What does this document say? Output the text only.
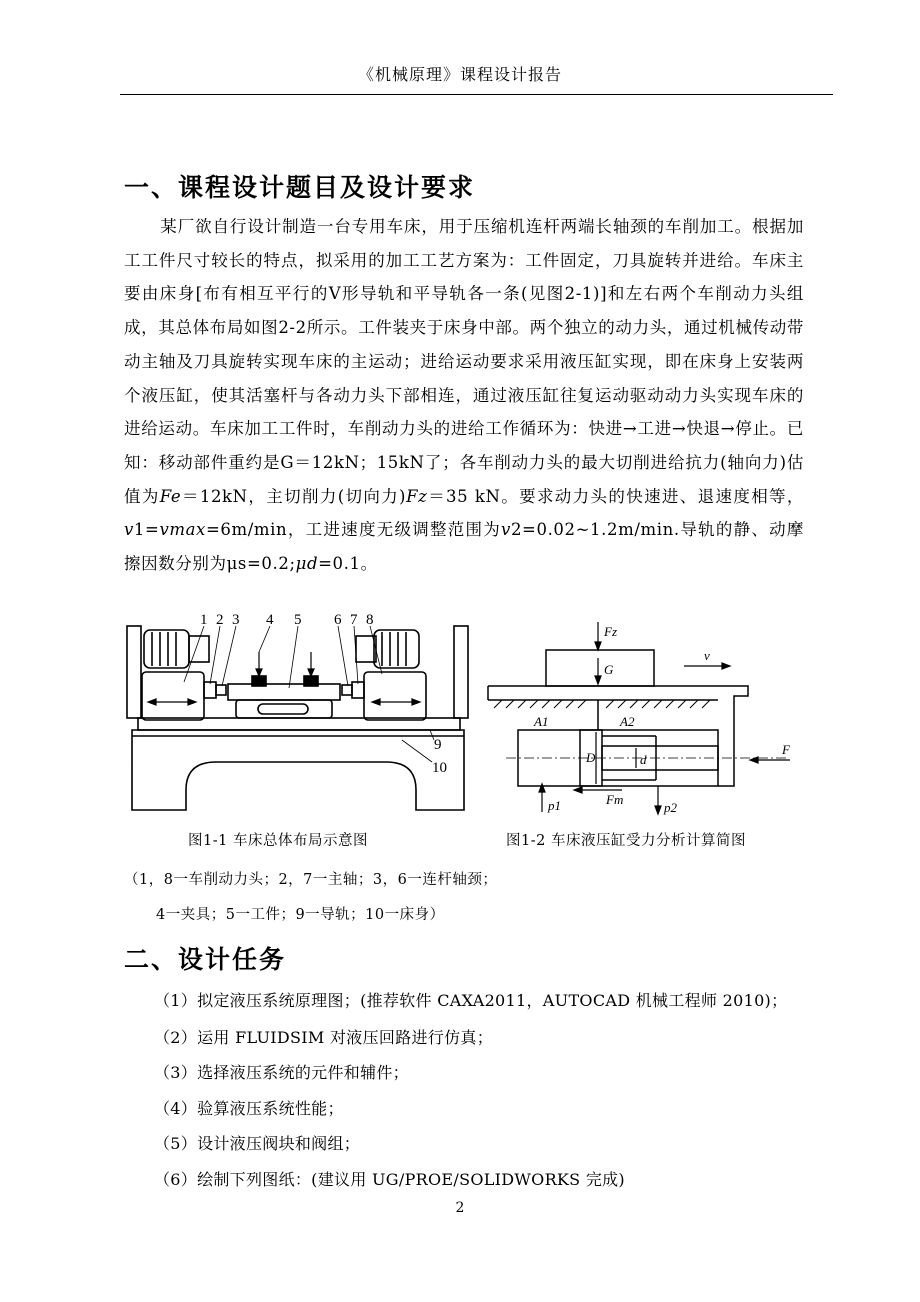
《机械原理》课程设计报告
一、课程设计题目及设计要求
某厂欲自行设计制造一台专用车床，用于压缩机连杆两端长轴颈的车削加工。根据加工工件尺寸较长的特点，拟采用的加工工艺方案为：工件固定，刀具旋转并进给。车床主要由床身[布有相互平行的V形导轨和平导轨各一条(见图2-1)]和左右两个车削动力头组成，其总体布局如图2-2所示。工件装夹于床身中部。两个独立的动力头，通过机械传动带动主轴及刀具旋转实现车床的主运动；进给运动要求采用液压缸实现，即在床身上安装两个液压缸，使其活塞杆与各动力头下部相连，通过液压缸往复运动驱动动力头实现车床的进给运动。车床加工工件时，车削动力头的进给工作循环为：快进→工进→快退→停止。已知：移动部件重约是G＝12kN；15kN了；各车削动力头的最大切削进给抗力(轴向力)估值为Fe＝12kN，主切削力(切向力)Fz＝35 kN。要求动力头的快速进、退速度相等，v1=vmax=6m/min，工进速度无级调整范围为v2=0.02~1.2m/min.导轨的静、动摩擦因数分别为μs=0.2;μd=0.1。
1 2 3 4 5 6 7 8
9
10
Fz
G
v
A1	A2
D	d
F
Fm
p1	p2
图1-1 车床总体布局示意图	图1-2 车床液压缸受力分析计算简图
（1，8一车削动力头；2，7一主轴；3，6一连杆轴颈；
4一夹具；5一工件；9一导轨；10一床身）
二、设计任务
（1）拟定液压系统原理图；(推荐软件 CAXA2011，AUTOCAD 机械工程师 2010)；
（2）运用 FLUIDSIM 对液压回路进行仿真；
（3）选择液压系统的元件和辅件；
（4）验算液压系统性能；
（5）设计液压阀块和阀组；
（6）绘制下列图纸：(建议用 UG/PROE/SOLIDWORKS 完成)
2
